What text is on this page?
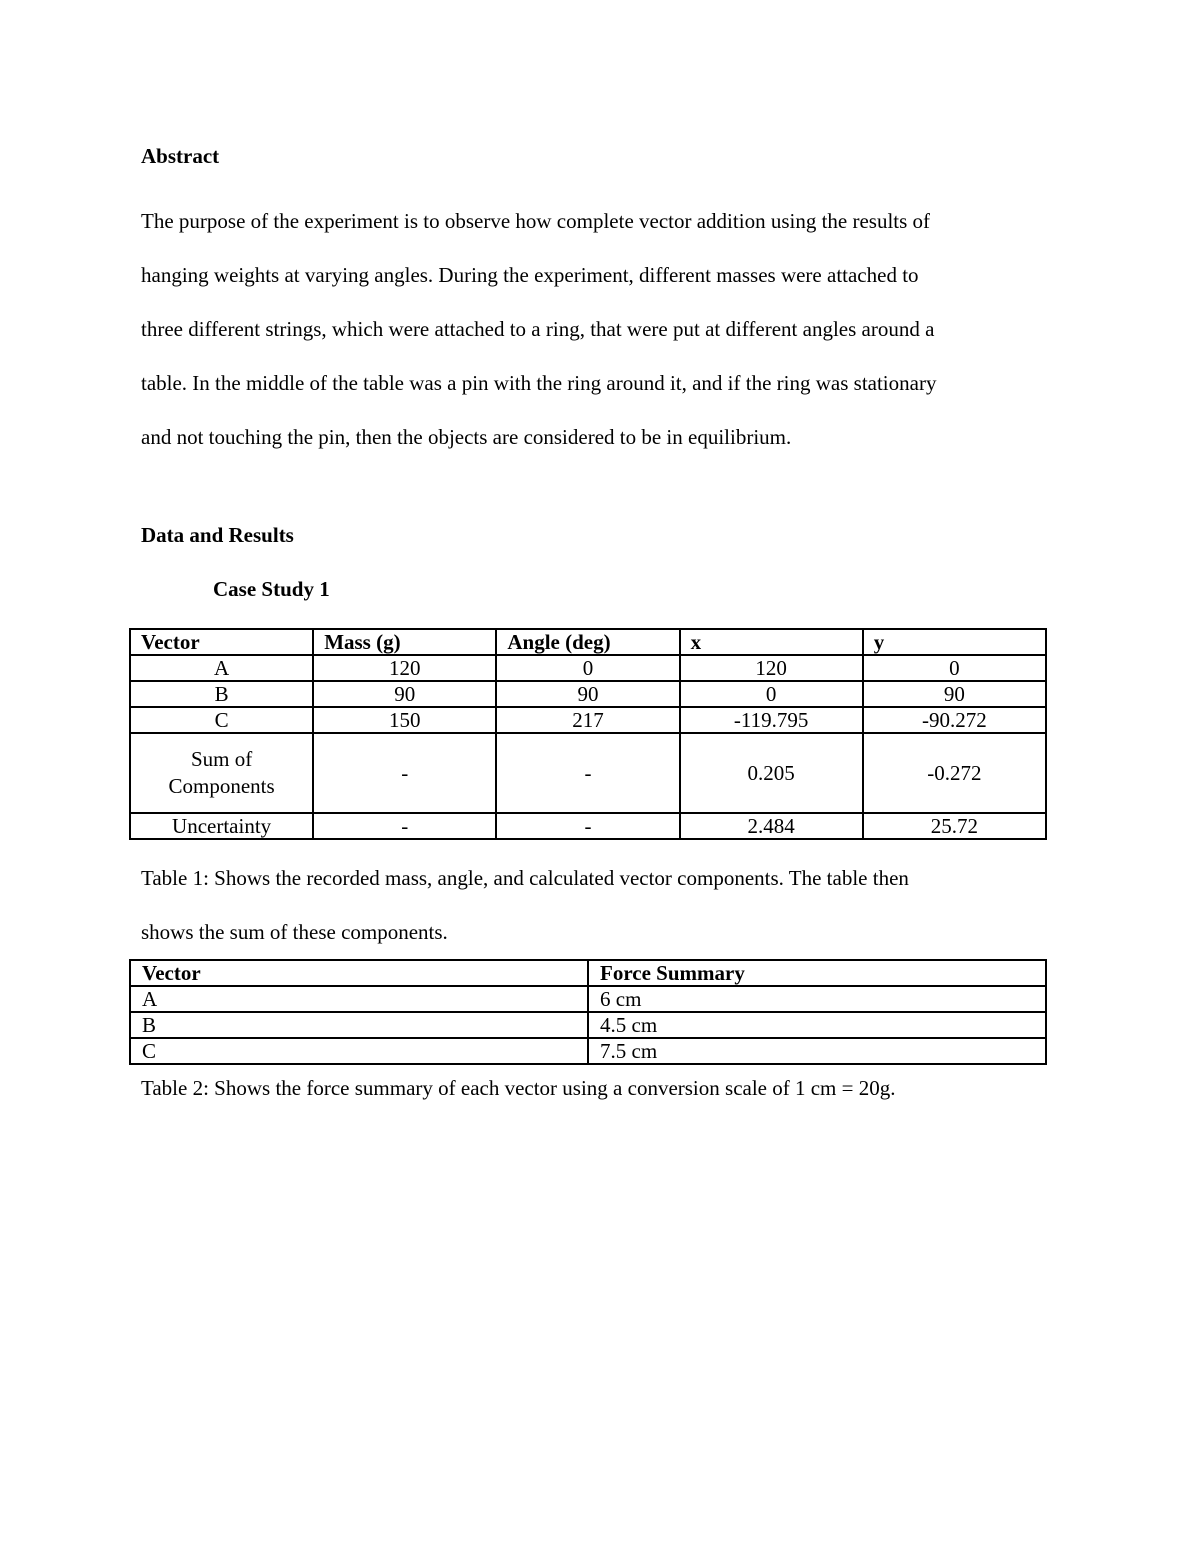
Abstract

The purpose of the experiment is to observe how complete vector addition using the results of
hanging weights at varying angles. During the experiment, different masses were attached to
three different strings, which were attached to a ring, that were put at different angles around a
table. In the middle of the table was a pin with the ring around it, and if the ring was stationary
and not touching the pin, then the objects are considered to be in equilibrium.

Data and Results

Case Study 1

Vector	Mass (g)	Angle (deg)	x	y
A	120	0	120	0
B	90	90	0	90
C	150	217	-119.795	-90.272

Sum of
Components	-	-	0.205	-0.272
Uncertainty	-	-	2.484	25.72

Table 1: Shows the recorded mass, angle, and calculated vector components. The table then
shows the sum of these components.

Vector	Force Summary
A	6 cm
B	4.5 cm
C	7.5 cm

Table 2: Shows the force summary of each vector using a conversion scale of 1 cm = 20g.
